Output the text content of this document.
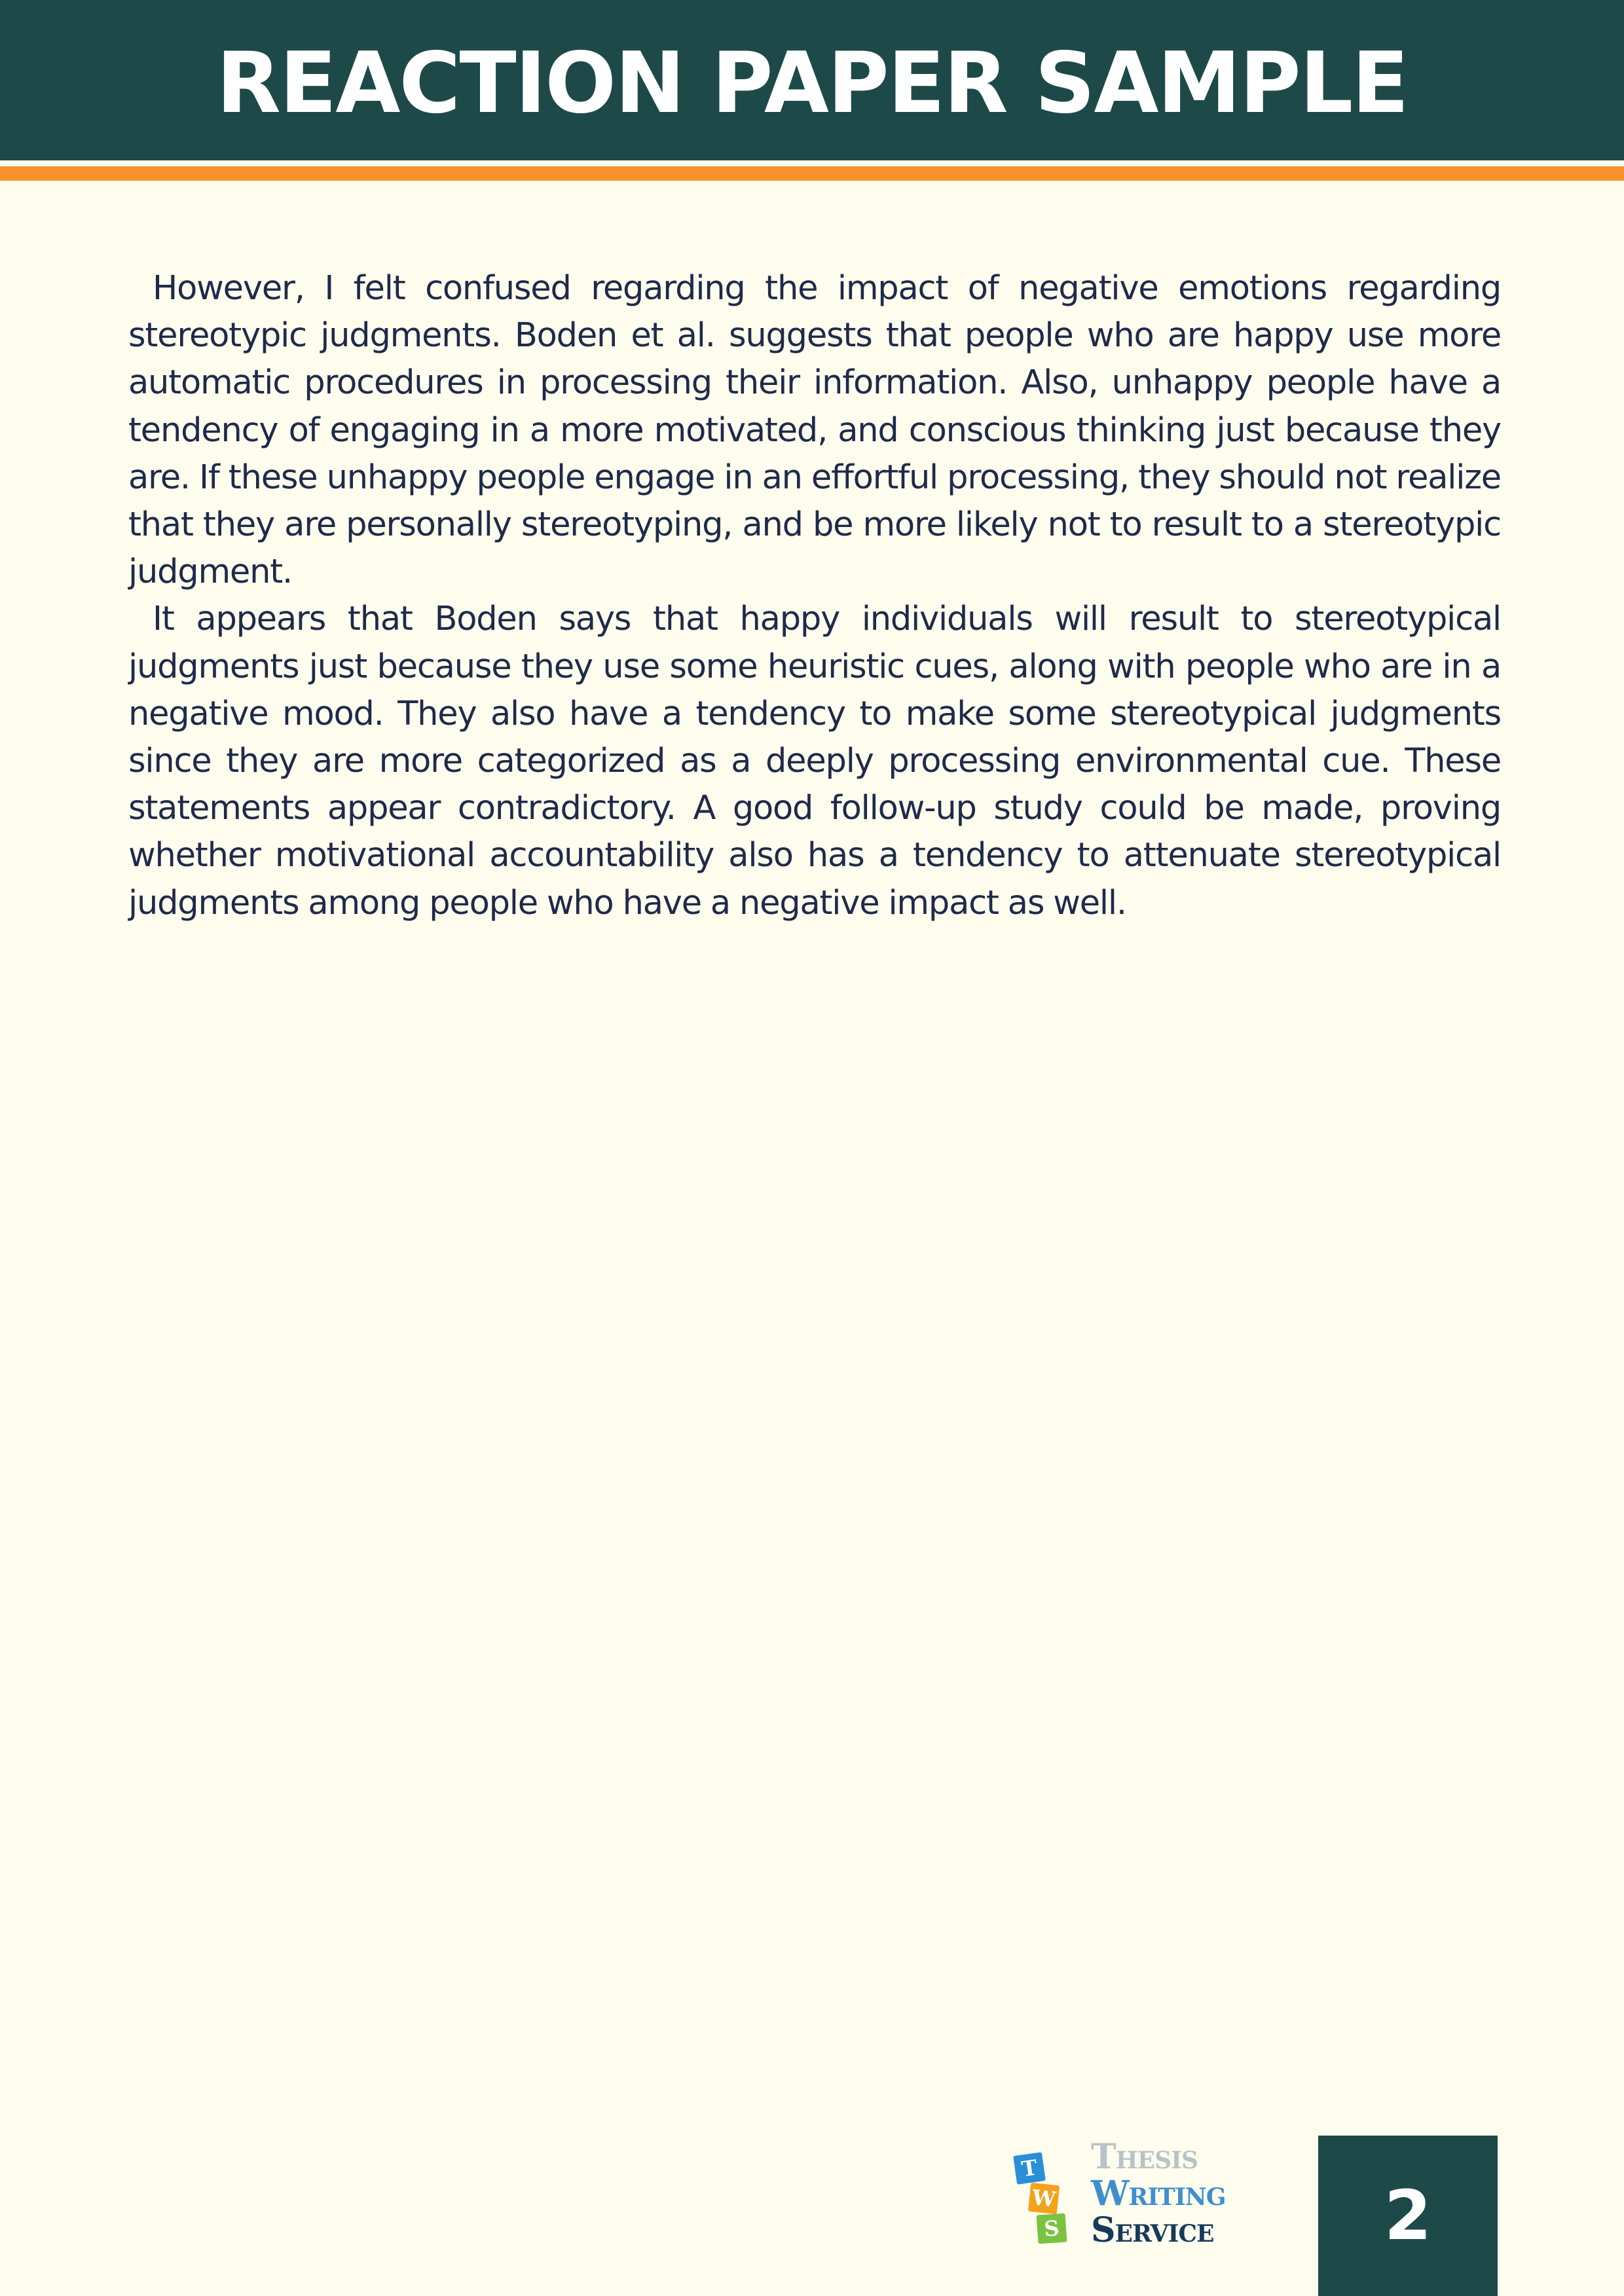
REACTION PAPER SAMPLE

However, I felt confused regarding the impact of negative emotions regarding stereotypic judgments. Boden et al. suggests that people who are happy use more automatic procedures in processing their information. Also, unhappy people have a tendency of engaging in a more motivated, and conscious thinking just because they are. If these unhappy people engage in an effortful processing, they should not realize that they are personally stereotyping, and be more likely not to result to a stereotypic judgment.

It appears that Boden says that happy individuals will result to stereotypical judgments just because they use some heuristic cues, along with people who are in a negative mood. They also have a tendency to make some stereotypical judgments since they are more categorized as a deeply processing environmental cue. These statements appear contradictory. A good follow-up study could be made, proving whether motivational accountability also has a tendency to attenuate stereotypical judgments among people who have a negative impact as well.

T
W
S
Thesis
Writing
Service	2
